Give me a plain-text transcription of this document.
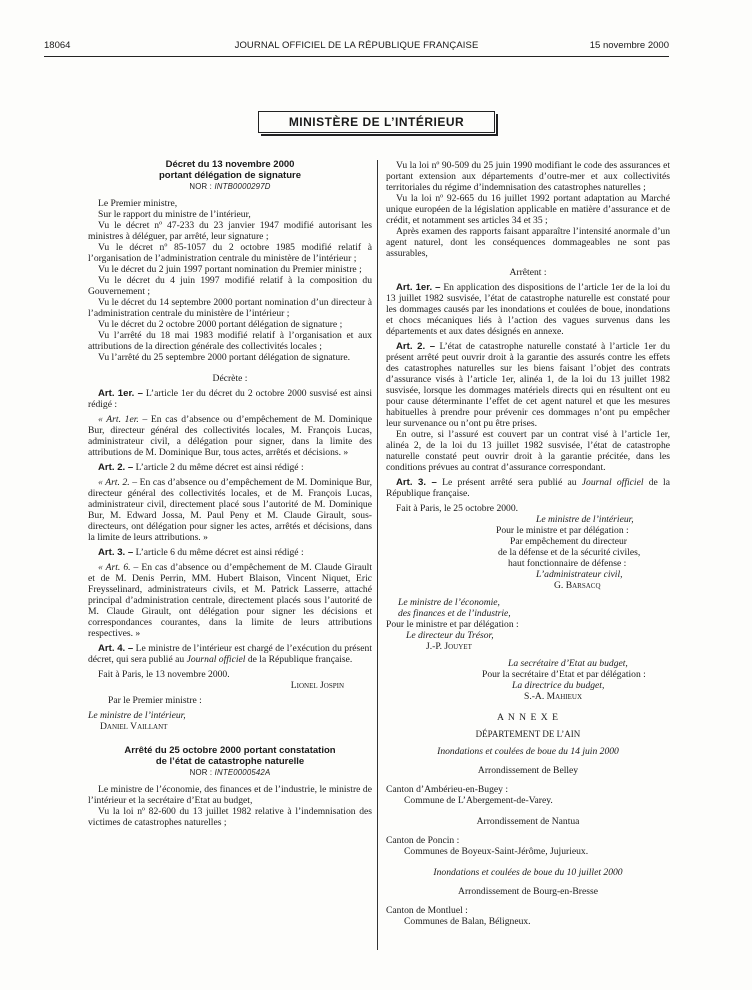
18064	JOURNAL OFFICIEL DE LA RÉPUBLIQUE FRANÇAISE	15 novembre 2000
MINISTÈRE DE L’INTÉRIEUR

Décret du 13 novembre 2000

portant délégation de signature

NOR : INTB0000297D

Le Premier ministre,

Sur le rapport du ministre de l’intérieur,

Vu le décret nº 47-233 du 23 janvier 1947 modifié autorisant les ministres à déléguer, par arrêté, leur signature ;

Vu le décret nº 85-1057 du 2 octobre 1985 modifié relatif à l’organisation de l’administration centrale du ministère de l’intérieur ;

Vu le décret du 2 juin 1997 portant nomination du Premier ministre ;

Vu le décret du 4 juin 1997 modifié relatif à la composition du Gouvernement ;

Vu le décret du 14 septembre 2000 portant nomination d’un directeur à l’administration centrale du ministère de l’intérieur ;

Vu le décret du 2 octobre 2000 portant délégation de signature ;

Vu l’arrêté du 18 mai 1983 modifié relatif à l’organisation et aux attributions de la direction générale des collectivités locales ;

Vu l’arrêté du 25 septembre 2000 portant délégation de signature.

Décrète :

Art. 1er. – L’article 1er du décret du 2 octobre 2000 susvisé est ainsi rédigé :

« Art. 1er. – En cas d’absence ou d’empêchement de M. Dominique Bur, directeur général des collectivités locales, M. François Lucas, administrateur civil, a délégation pour signer, dans la limite des attributions de M. Dominique Bur, tous actes, arrêtés et décisions. »

Art. 2. – L’article 2 du même décret est ainsi rédigé :

« Art. 2. – En cas d’absence ou d’empêchement de M. Dominique Bur, directeur général des collectivités locales, et de M. François Lucas, administrateur civil, directement placé sous l’autorité de M. Dominique Bur, M. Edward Jossa, M. Paul Peny et M. Claude Girault, sous-directeurs, ont délégation pour signer les actes, arrêtés et décisions, dans la limite de leurs attributions. »

Art. 3. – L’article 6 du même décret est ainsi rédigé :

« Art. 6. – En cas d’absence ou d’empêchement de M. Claude Girault et de M. Denis Perrin, MM. Hubert Blaison, Vincent Niquet, Eric Freysselinard, administrateurs civils, et M. Patrick Lasserre, attaché principal d’administration centrale, directement placés sous l’autorité de M. Claude Girault, ont délégation pour signer les décisions et correspondances courantes, dans la limite de leurs attributions respectives. »

Art. 4. – Le ministre de l’intérieur est chargé de l’exécution du présent décret, qui sera publié au Journal officiel de la République française.

Fait à Paris, le 13 novembre 2000.

Lionel Jospin

Par le Premier ministre :

Le ministre de l’intérieur,

Daniel Vaillant

Arrêté du 25 octobre 2000 portant constatation

de l’état de catastrophe naturelle

NOR : INTE0000542A

Le ministre de l’économie, des finances et de l’industrie, le ministre de l’intérieur et la secrétaire d’Etat au budget,

Vu la loi nº 82-600 du 13 juillet 1982 relative à l’indemnisation des victimes de catastrophes naturelles ;

Vu la loi nº 90-509 du 25 juin 1990 modifiant le code des assurances et portant extension aux départements d’outre-mer et aux collectivités territoriales du régime d’indemnisation des catastrophes naturelles ;

Vu la loi nº 92-665 du 16 juillet 1992 portant adaptation au Marché unique européen de la législation applicable en matière d’assurance et de crédit, et notamment ses articles 34 et 35 ;

Après examen des rapports faisant apparaître l’intensité anormale d’un agent naturel, dont les conséquences dommageables ne sont pas assurables,

Arrêtent :

Art. 1er. – En application des dispositions de l’article 1er de la loi du 13 juillet 1982 susvisée, l’état de catastrophe naturelle est constaté pour les dommages causés par les inondations et coulées de boue, inondations et chocs mécaniques liés à l’action des vagues survenus dans les départements et aux dates désignés en annexe.

Art. 2. – L’état de catastrophe naturelle constaté à l’article 1er du présent arrêté peut ouvrir droit à la garantie des assurés contre les effets des catastrophes naturelles sur les biens faisant l’objet des contrats d’assurance visés à l’article 1er, alinéa 1, de la loi du 13 juillet 1982 susvisée, lorsque les dommages matériels directs qui en résultent ont eu pour cause déterminante l’effet de cet agent naturel et que les mesures habituelles à prendre pour prévenir ces dommages n’ont pu empêcher leur survenance ou n’ont pu être prises.

En outre, si l’assuré est couvert par un contrat visé à l’article 1er, alinéa 2, de la loi du 13 juillet 1982 susvisée, l’état de catastrophe naturelle constaté peut ouvrir droit à la garantie précitée, dans les conditions prévues au contrat d’assurance correspondant.

Art. 3. – Le présent arrêté sera publié au Journal officiel de la République française.

Fait à Paris, le 25 octobre 2000.

Le ministre de l’intérieur,

Pour le ministre et par délégation :

Par empêchement du directeur

de la défense et de la sécurité civiles,

haut fonctionnaire de défense :

L’administrateur civil,

G. Barsacq

Le ministre de l’économie,

des finances et de l’industrie,

Pour le ministre et par délégation :

Le directeur du Trésor,

J.-P. Jouyet

La secrétaire d’Etat au budget,

Pour la secrétaire d’Etat et par délégation :

La directrice du budget,

S.-A. Mahieux

A N N E X E

DÉPARTEMENT DE L’AIN

Inondations et coulées de boue du 14 juin 2000

Arrondissement de Belley

Canton d’Ambérieu-en-Bugey :

Commune de L’Abergement-de-Varey.

Arrondissement de Nantua

Canton de Poncin :

Communes de Boyeux-Saint-Jérôme, Jujurieux.

Inondations et coulées de boue du 10 juillet 2000

Arrondissement de Bourg-en-Bresse

Canton de Montluel :

Communes de Balan, Béligneux.
